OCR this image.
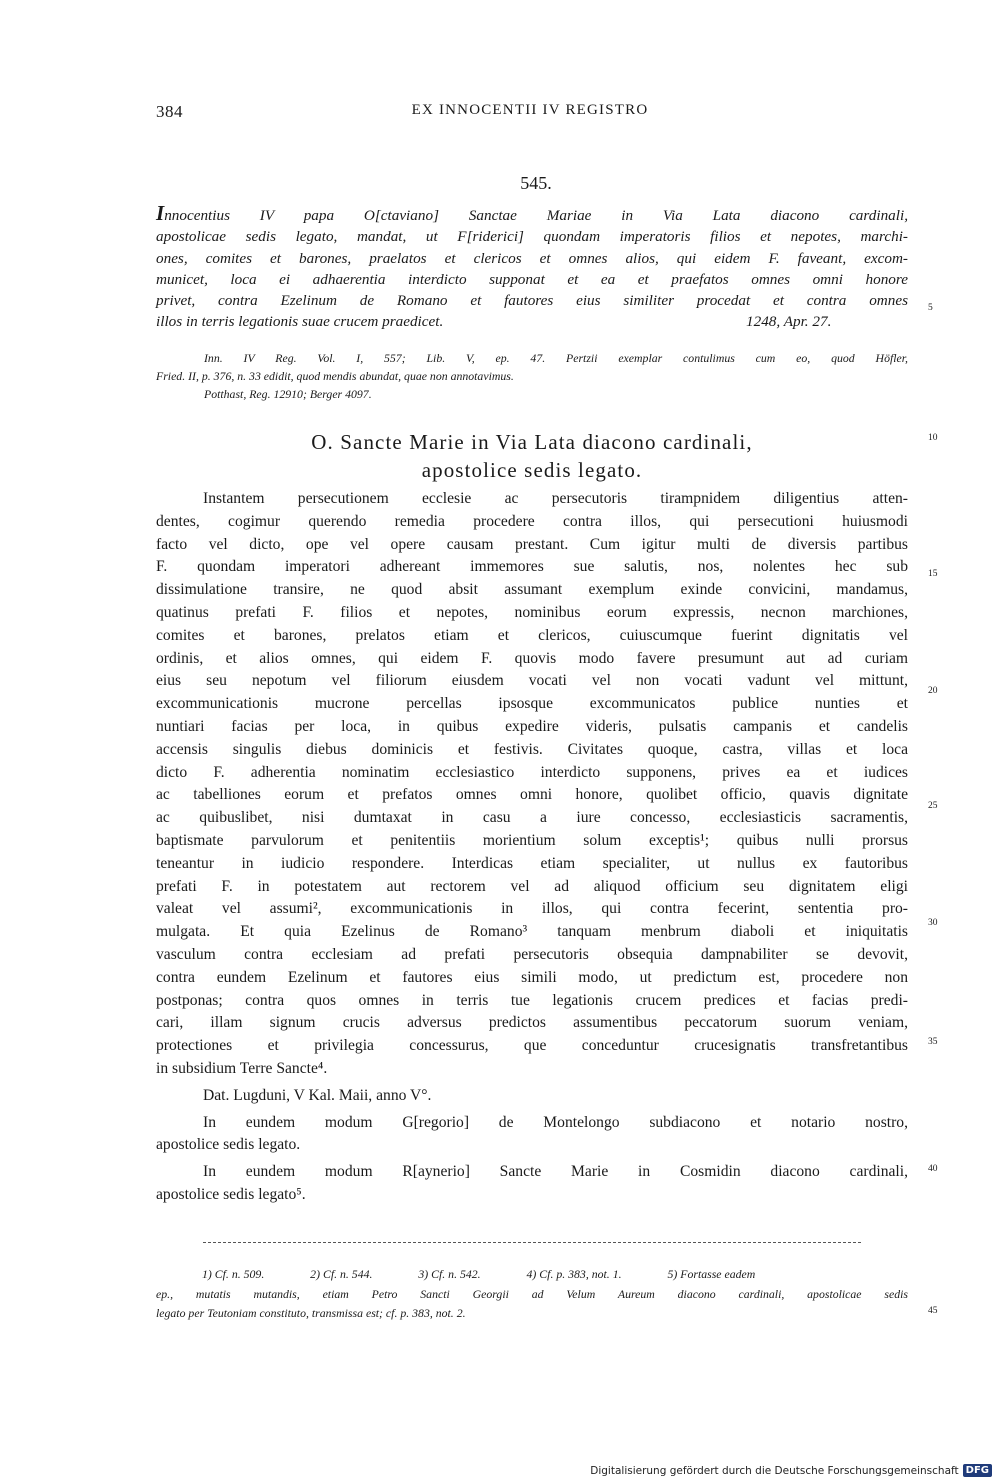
384	EX INNOCENTII IV REGISTRO
545.
Innocentius IV papa O[ctaviano] Sanctae Mariae in Via Lata diacono cardinali,
apostolicae sedis legato, mandat, ut F[riderici] quondam imperatoris filios et nepotes, marchi-
ones, comites et barones, praelatos et clericos et omnes alios, qui eidem F. faveant, excom-
municet, loca ei adhaerentia interdicto supponat et ea et praefatos omnes omni honore
privet, contra Ezelinum de Romano et fautores eius similiter procedat et contra omnes
illos in terris legationis suae crucem praedicet.	1248, Apr. 27.
Inn. IV Reg. Vol. I, 557; Lib. V, ep. 47. Pertzii exemplar contulimus cum eo, quod Höfler,
Fried. II, p. 376, n. 33 edidit, quod mendis abundat, quae non annotavimus.
Potthast, Reg. 12910; Berger 4097.
O. Sancte Marie in Via Lata diacono cardinali,
apostolice sedis legato.
Instantem persecutionem ecclesie ac persecutoris tirampnidem diligentius atten-
dentes, cogimur querendo remedia procedere contra illos, qui persecutioni huiusmodi
facto vel dicto, ope vel opere causam prestant. Cum igitur multi de diversis partibus
F. quondam imperatori adhereant immemores sue salutis, nos, nolentes hec sub
dissimulatione transire, ne quod absit assumant exemplum exinde convicini, mandamus,
quatinus prefati F. filios et nepotes, nominibus eorum expressis, necnon marchiones,
comites et barones, prelatos etiam et clericos, cuiuscumque fuerint dignitatis vel
ordinis, et alios omnes, qui eidem F. quovis modo favere presumunt aut ad curiam
eius seu nepotum vel filiorum eiusdem vocati vel non vocati vadunt vel mittunt,
excommunicationis mucrone percellas ipsosque excommunicatos publice nunties et
nuntiari facias per loca, in quibus expedire videris, pulsatis campanis et candelis
accensis singulis diebus dominicis et festivis. Civitates quoque, castra, villas et loca
dicto F. adherentia nominatim ecclesiastico interdicto supponens, prives ea et iudices
ac tabelliones eorum et prefatos omnes omni honore, quolibet officio, quavis dignitate
ac quibuslibet, nisi dumtaxat in casu a iure concesso, ecclesiasticis sacramentis,
baptismate parvulorum et penitentiis morientium solum exceptis¹; quibus nulli prorsus
teneantur in iudicio respondere. Interdicas etiam specialiter, ut nullus ex fautoribus
prefati F. in potestatem aut rectorem vel ad aliquod officium seu dignitatem eligi
valeat vel assumi², excommunicationis in illos, qui contra fecerint, sententia pro-
mulgata. Et quia Ezelinus de Romano³ tanquam menbrum diaboli et iniquitatis
vasculum contra ecclesiam ad prefati persecutoris obsequia dampnabiliter se devovit,
contra eundem Ezelinum et fautores eius simili modo, ut predictum est, procedere non
postponas; contra quos omnes in terris tue legationis crucem predices et facias predi-
cari, illam signum crucis adversus predictos assumentibus peccatorum suorum veniam,
protectiones et privilegia concessurus, que conceduntur crucesignatis transfretantibus
in subsidium Terre Sancte⁴.
Dat. Lugduni, V Kal. Maii, anno V°.
In eundem modum G[regorio] de Montelongo subdiacono et notario nostro,
apostolice sedis legato.
In eundem modum R[aynerio] Sancte Marie in Cosmidin diacono cardinali,
apostolice sedis legato⁵.
5
10
15
20
25
30
35
40
45
1) Cf. n. 509.	2) Cf. n. 544.	3) Cf. n. 542.	4) Cf. p. 383, not. 1.	5) Fortasse eadem
ep., mutatis mutandis, etiam Petro Sancti Georgii ad Velum Aureum diacono cardinali, apostolicae sedis
legato per Teutoniam constituto, transmissa est; cf. p. 383, not. 2.
Digitalisierung gefördert durch die Deutsche Forschungsgemeinschaft DFG
